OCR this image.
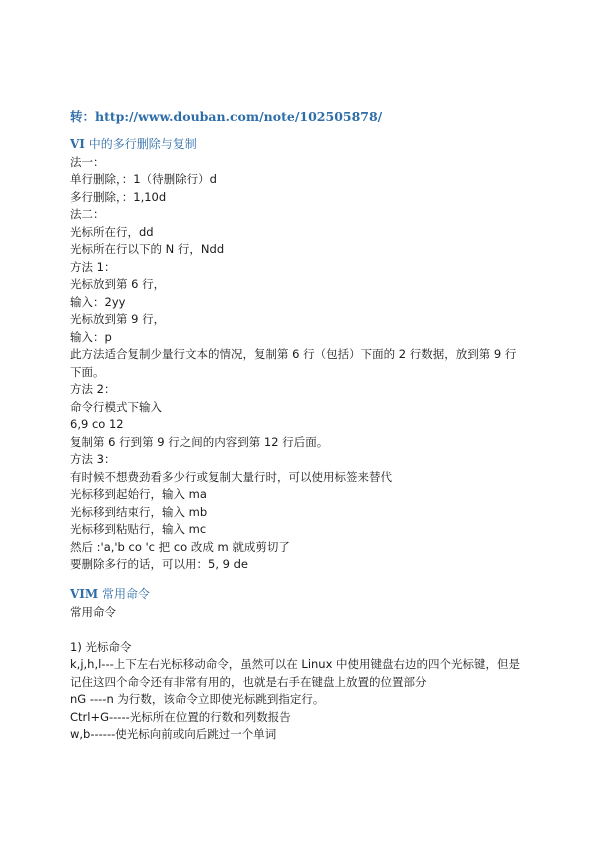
转：http://www.douban.com/note/102505878/
VI 中的多行删除与复制
法一：
单行删除，：1（待删除行）d
多行删除，：1,10d
法二：
光标所在行，dd
光标所在行以下的 N 行，Ndd
方法 1：
光标放到第 6 行，
输入：2yy
光标放到第 9 行，
输入：p
此方法适合复制少量行文本的情况，复制第 6 行（包括）下面的 2 行数据，放到第 9 行
下面。
方法 2：
命令行模式下输入
6,9 co 12
复制第 6 行到第 9 行之间的内容到第 12 行后面。
方法 3：
有时候不想费劲看多少行或复制大量行时，可以使用标签来替代
光标移到起始行，输入 ma
光标移到结束行，输入 mb
光标移到粘贴行，输入 mc
然后 :'a,'b co 'c 把 co 改成 m 就成剪切了
要删除多行的话，可以用：5, 9 de
VIM 常用命令
常用命令
1) 光标命令
k,j,h,l---上下左右光标移动命令，虽然可以在 Linux 中使用键盘右边的四个光标键，但是
记住这四个命令还有非常有用的，也就是右手在键盘上放置的位置部分
nG ----n 为行数，该命令立即使光标跳到指定行。
Ctrl+G-----光标所在位置的行数和列数报告
w,b------使光标向前或向后跳过一个单词
